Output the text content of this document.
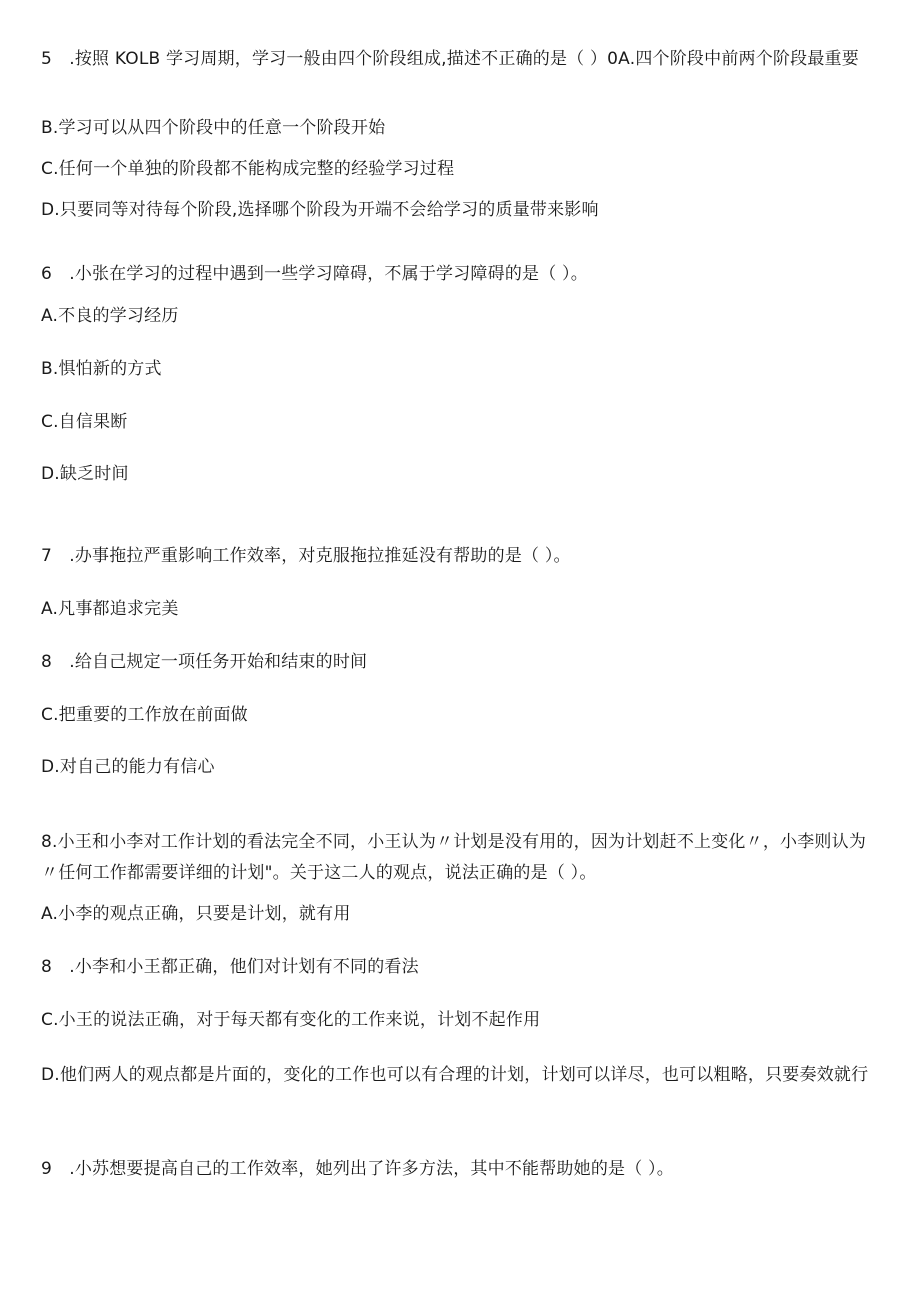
5　.按照 KOLB 学习周期，学习一般由四个阶段组成,描述不正确的是（ ）0A.四个阶段中前两个阶段最重要
B.学习可以从四个阶段中的任意一个阶段开始
C.任何一个单独的阶段都不能构成完整的经验学习过程
D.只要同等对待每个阶段,选择哪个阶段为开端不会给学习的质量带来影响
6　.小张在学习的过程中遇到一些学习障碍，不属于学习障碍的是（ ）。
A.不良的学习经历
B.惧怕新的方式
C.自信果断
D.缺乏时间
7　.办事拖拉严重影响工作效率，对克服拖拉推延没有帮助的是（ ）。
A.凡事都追求完美
8　.给自己规定一项任务开始和结束的时间
C.把重要的工作放在前面做
D.对自己的能力有信心
8.小王和小李对工作计划的看法完全不同，小王认为〃计划是没有用的，因为计划赶不上变化〃，小李则认为〃任何工作都需要详细的计划"。关于这二人的观点，说法正确的是（ ）。
A.小李的观点正确，只要是计划，就有用
8　.小李和小王都正确，他们对计划有不同的看法
C.小王的说法正确，对于每天都有变化的工作来说，计划不起作用
D.他们两人的观点都是片面的，变化的工作也可以有合理的计划，计划可以详尽，也可以粗略，只要奏效就行
9　.小苏想要提高自己的工作效率，她列出了许多方法，其中不能帮助她的是（ ）。
